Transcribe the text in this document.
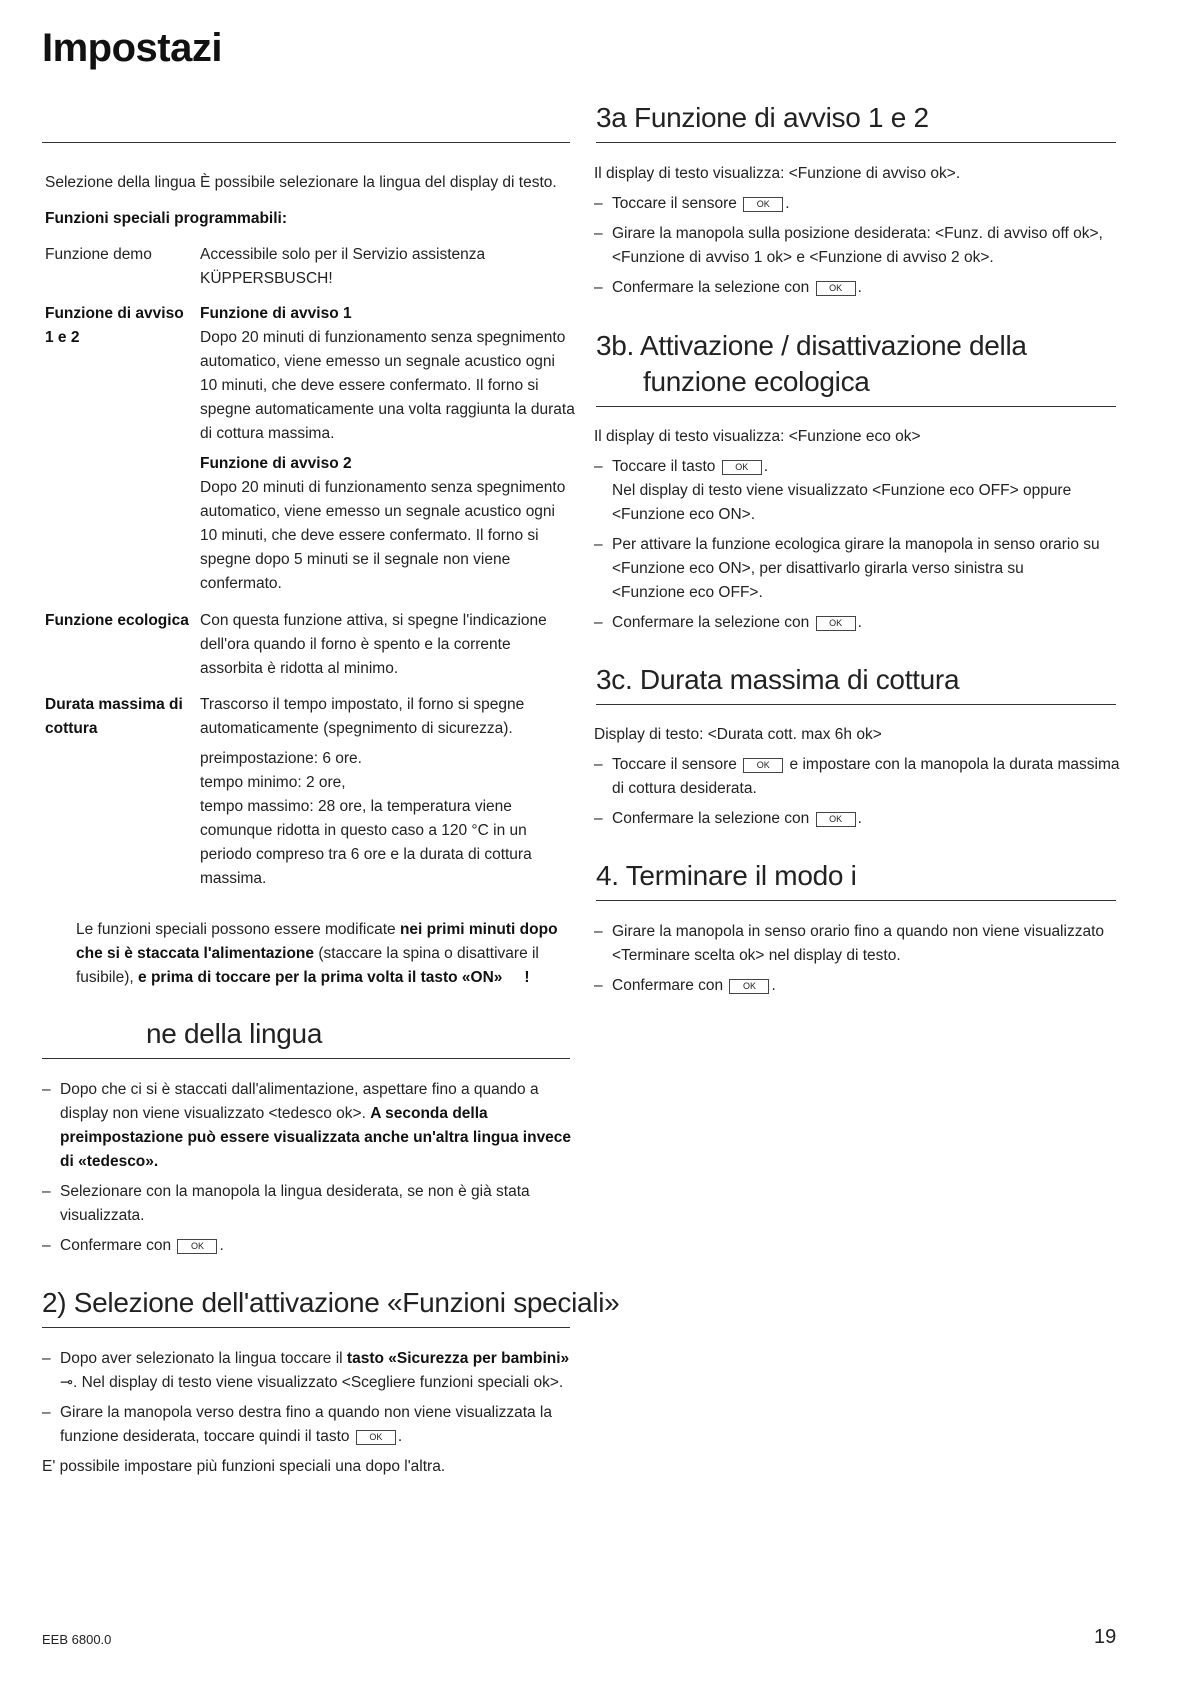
Impostazi
Selezione della lingua È possibile selezionare la lingua del display di testo.
Funzioni speciali programmabili:
Funzione demo	Accessibile solo per il Servizio assistenza
KÜPPERSBUSCH!
Funzione di avviso
1 e 2
Funzione di avviso 1
Dopo 20 minuti di funzionamento senza spegnimento
automatico, viene emesso un segnale acustico ogni
10 minuti, che deve essere confermato. Il forno si
spegne automaticamente una volta raggiunta la durata
di cottura massima.
Funzione di avviso 2
Dopo 20 minuti di funzionamento senza spegnimento
automatico, viene emesso un segnale acustico ogni
10 minuti, che deve essere confermato. Il forno si
spegne dopo 5 minuti se il segnale non viene
confermato.
Funzione ecologica Con questa funzione attiva, si spegne l'indicazione
dell'ora quando il forno è spento e la corrente
assorbita è ridotta al minimo.
Durata massima di
cottura
Trascorso il tempo impostato, il forno si spegne
automaticamente (spegnimento di sicurezza).
preimpostazione: 6 ore.
tempo minimo: 2 ore,
tempo massimo: 28 ore, la temperatura viene
comunque ridotta in questo caso a 120 °C in un
periodo compreso tra 6 ore e la durata di cottura
massima.
Le funzioni speciali possono essere modificate nei primi minuti dopo
che si è staccata l'alimentazione (staccare la spina o disattivare il
fusibile), e prima di toccare per la prima volta il tasto «ON» !
ne della lingua
– Dopo che ci si è staccati dall'alimentazione, aspettare fino a quando a
display non viene visualizzato <tedesco ok>. A seconda della
preimpostazione può essere visualizzata anche un'altra lingua invece
di «tedesco».
– Selezionare con la manopola la lingua desiderata, se non è già stata
visualizzata.
– Confermare con OK .
2) Selezione dell'attivazione «Funzioni speciali»
– Dopo aver selezionato la lingua toccare il tasto «Sicurezza per bambini»
⊸. Nel display di testo viene visualizzato <Scegliere funzioni speciali ok>.
– Girare la manopola verso destra fino a quando non viene visualizzata la
funzione desiderata, toccare quindi il tasto OK .
E' possibile impostare più funzioni speciali una dopo l'altra.
3a Funzione di avviso 1 e 2
Il display di testo visualizza: <Funzione di avviso ok>.
– Toccare il sensore OK .
– Girare la manopola sulla posizione desiderata: <Funz. di avviso off ok>,
<Funzione di avviso 1 ok> e <Funzione di avviso 2 ok>.
– Confermare la selezione con OK .
3b. Attivazione / disattivazione della
funzione ecologica
Il display di testo visualizza: <Funzione eco ok>
– Toccare il tasto OK .
Nel display di testo viene visualizzato <Funzione eco OFF> oppure
<Funzione eco ON>.
– Per attivare la funzione ecologica girare la manopola in senso orario su
<Funzione eco ON>, per disattivarlo girarla verso sinistra su
<Funzione eco OFF>.
– Confermare la selezione con OK .
3c. Durata massima di cottura
Display di testo: <Durata cott. max 6h ok>
– Toccare il sensore OK e impostare con la manopola la durata massima
di cottura desiderata.
– Confermare la selezione con OK .
4. Terminare il modo i
– Girare la manopola in senso orario fino a quando non viene visualizzato
<Terminare scelta ok> nel display di testo.
– Confermare con OK .
EEB 6800.0	19
